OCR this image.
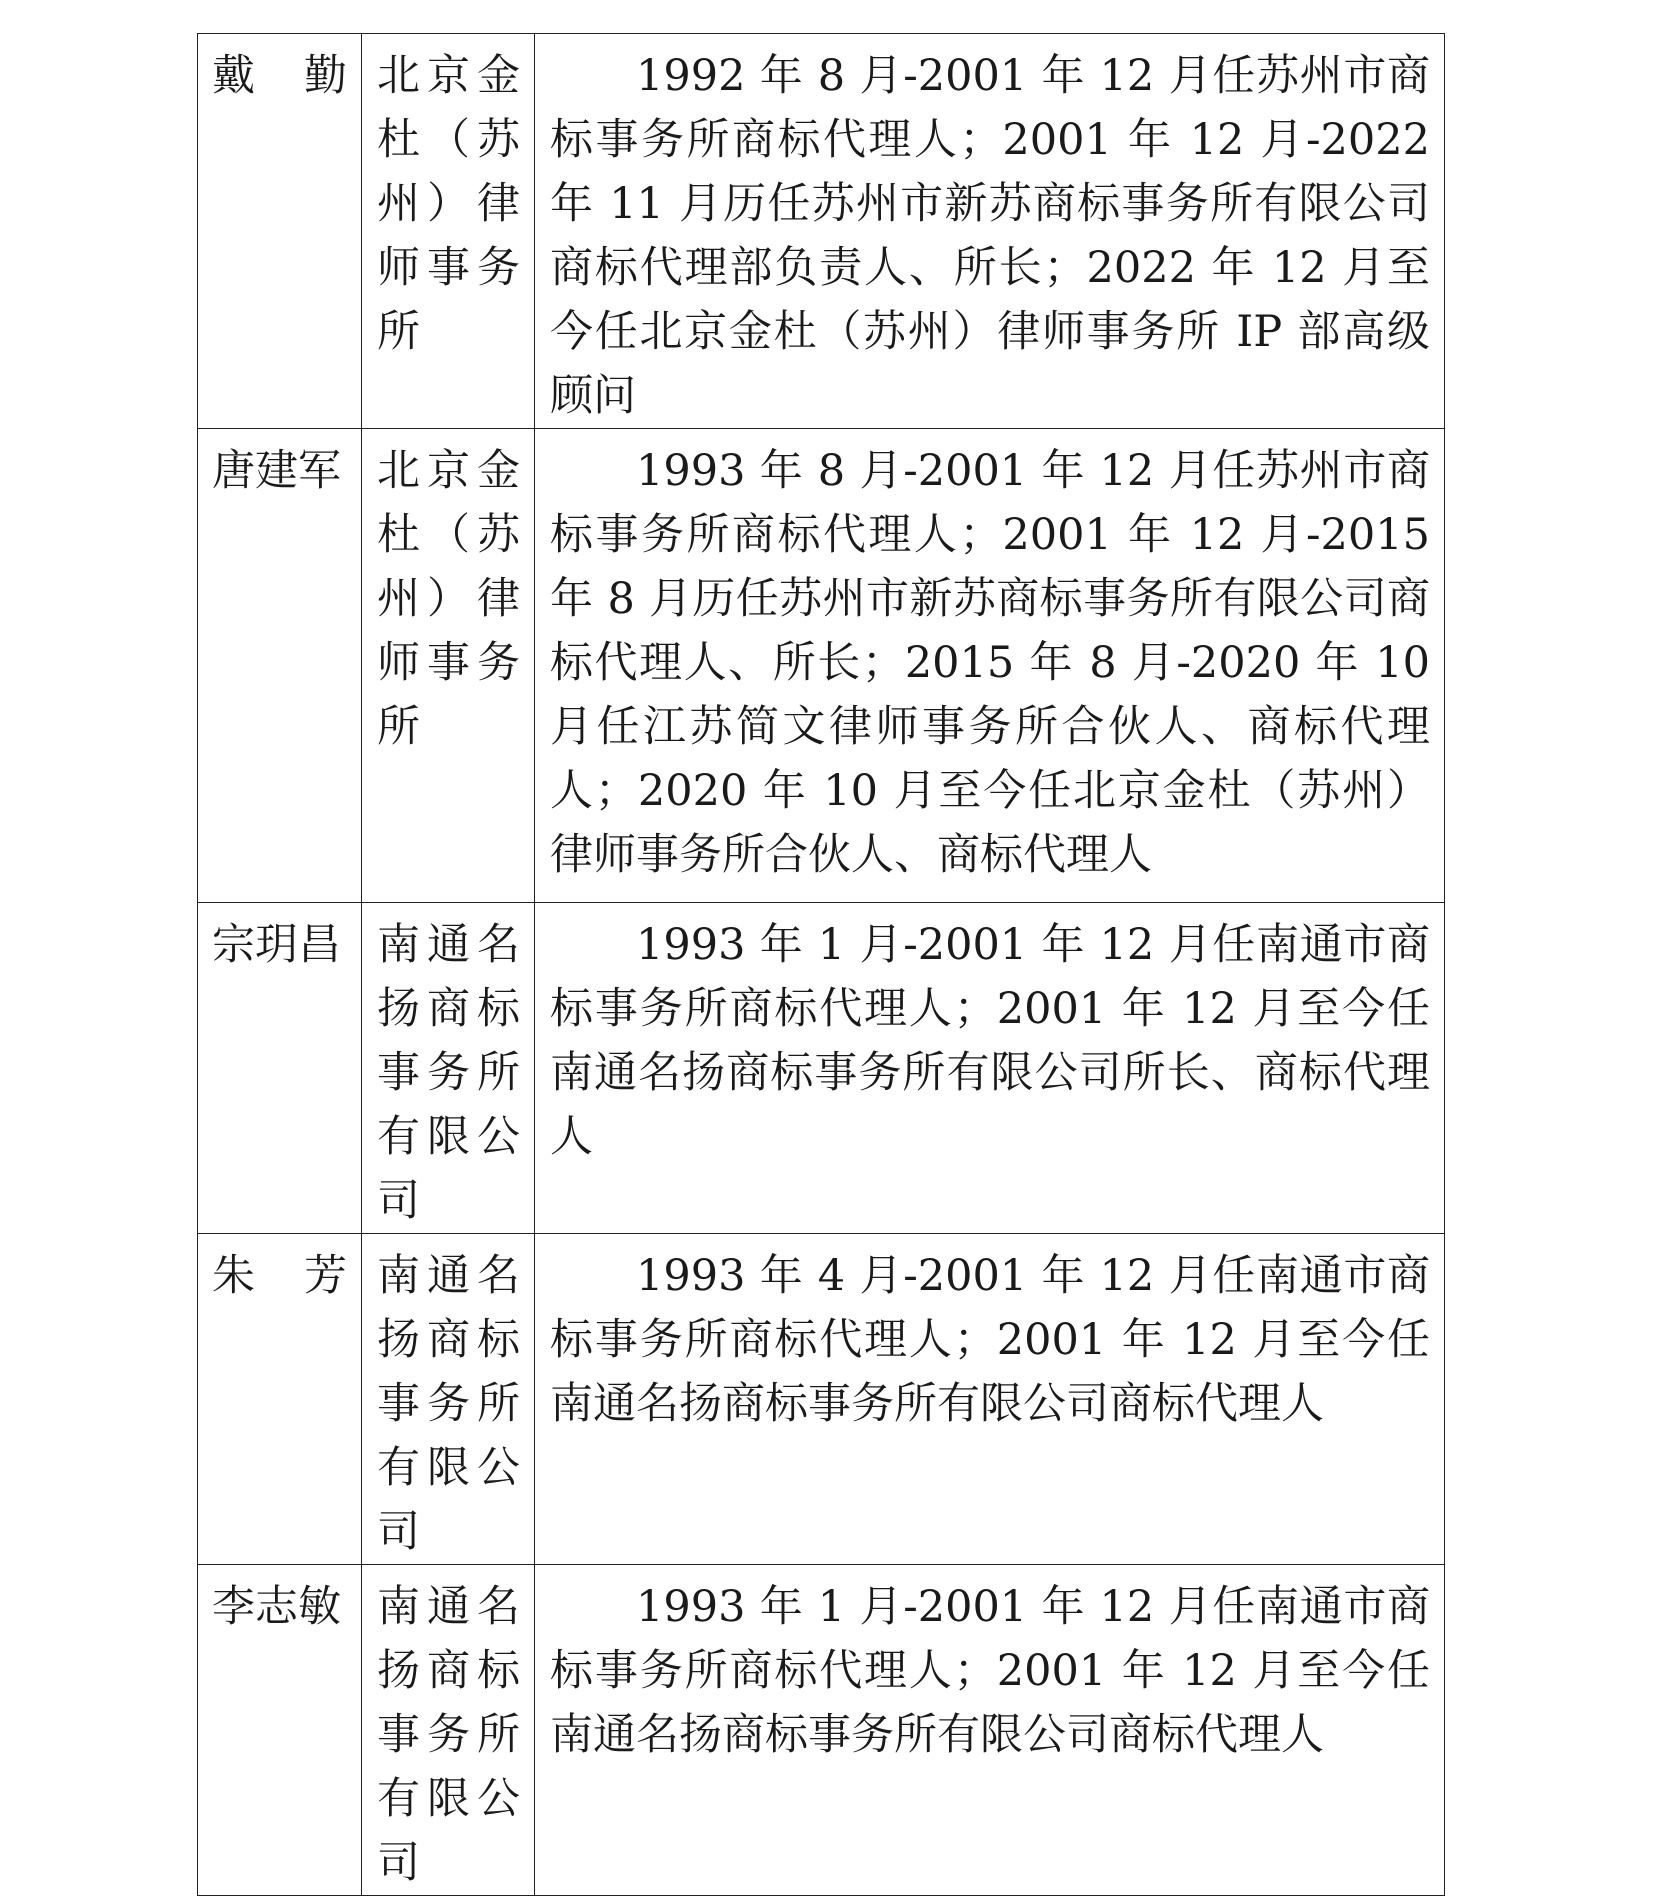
戴 勤	北京金杜（苏州）律师事务所	1992 年 8 月-2001 年 12 月任苏州市商标事务所商标代理人；2001 年 12 月-2022 年 11 月历任苏州市新苏商标事务所有限公司商标代理部负责人、所长；2022 年 12 月至今任北京金杜（苏州）律师事务所 IP 部高级顾问

唐建军	北京金杜（苏州）律师事务所	1993 年 8 月-2001 年 12 月任苏州市商标事务所商标代理人；2001 年 12 月-2015 年 8 月历任苏州市新苏商标事务所有限公司商标代理人、所长；2015 年 8 月-2020 年 10 月任江苏简文律师事务所合伙人、商标代理人；2020 年 10 月至今任北京金杜（苏州）律师事务所合伙人、商标代理人

宗玥昌	南通名扬商标事务所有限公司	1993 年 1 月-2001 年 12 月任南通市商标事务所商标代理人；2001 年 12 月至今任南通名扬商标事务所有限公司所长、商标代理人

朱 芳	南通名扬商标事务所有限公司	1993 年 4 月-2001 年 12 月任南通市商标事务所商标代理人；2001 年 12 月至今任南通名扬商标事务所有限公司商标代理人

李志敏	南通名扬商标事务所有限公司	1993 年 1 月-2001 年 12 月任南通市商标事务所商标代理人；2001 年 12 月至今任南通名扬商标事务所有限公司商标代理人
